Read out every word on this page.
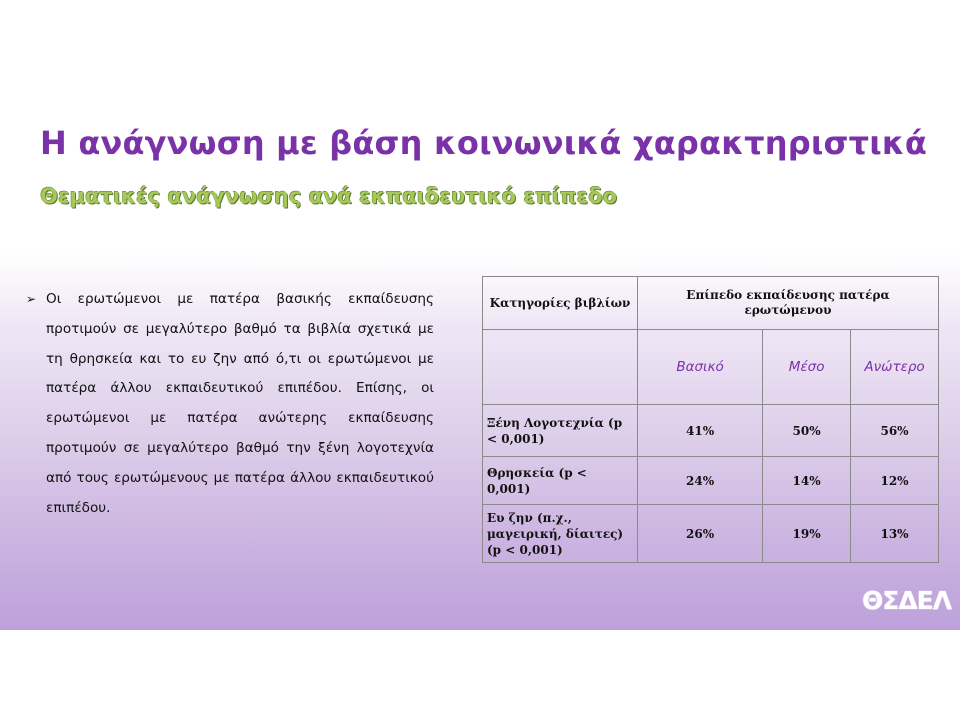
Η ανάγνωση με βάση κοινωνικά χαρακτηριστικά
Θεματικές ανάγνωσης ανά εκπαιδευτικό επίπεδο
➢ Οι ερωτώμενοι με πατέρα βασικής εκπαίδευσης προτιμούν σε μεγαλύτερο βαθμό τα βιβλία σχετικά με τη θρησκεία και το ευ ζην από ό,τι οι ερωτώμενοι με πατέρα άλλου εκπαιδευτικού επιπέδου. Επίσης, οι ερωτώμενοι με πατέρα ανώτερης εκπαίδευσης προτιμούν σε μεγαλύτερο βαθμό την ξένη λογοτεχνία από τους ερωτώμενους με πατέρα άλλου εκπαιδευτικού επιπέδου.
Κατηγορίες βιβλίων	Επίπεδο εκπαίδευσης πατέρα ερωτώμενου		
	Βασικό	Μέσο	Ανώτερο
Ξένη Λογοτεχνία (p < 0,001)	41%	50%	56%
Θρησκεία (p < 0,001)	24%	14%	12%
Ευ ζην (π.χ., μαγειρική, δίαιτες) (p < 0,001)	26%	19%	13%
ΘΣΔΕΛ
